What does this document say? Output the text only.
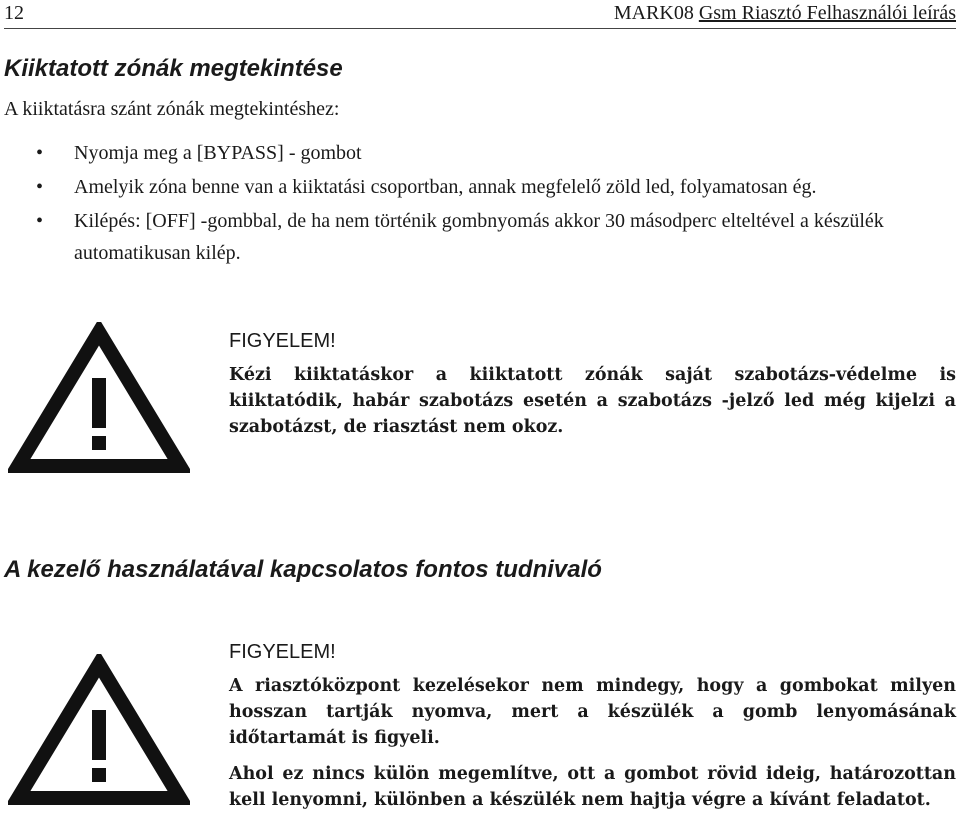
12	MARK08 Gsm Riasztó Felhasználói leírás
Kiiktatott zónák megtekintése

A kiiktatásra szánt zónák megtekintéshez:

• Nyomja meg a [BYPASS] - gombot
• Amelyik zóna benne van a kiiktatási csoportban, annak megfelelő zöld led, folyamatosan ég.
• Kilépés: [OFF] -gombbal, de ha nem történik gombnyomás akkor 30 másodperc elteltével a készülék automatikusan kilép.

FIGYELEM!

Kézi kiiktatáskor a kiiktatott zónák saját szabotázs-védelme is kiiktatódik, habár szabotázs esetén a szabotázs -jelző led még kijelzi a szabotázst, de riasztást nem okoz.

A kezelő használatával kapcsolatos fontos tudnivaló

FIGYELEM!

A riasztóközpont kezelésekor nem mindegy, hogy a gombokat milyen hosszan tartják nyomva, mert a készülék a gomb lenyomásának időtartamát is figyeli.

Ahol ez nincs külön megemlítve, ott a gombot rövid ideig, határozottan kell lenyomni, különben a készülék nem hajtja végre a kívánt feladatot.
